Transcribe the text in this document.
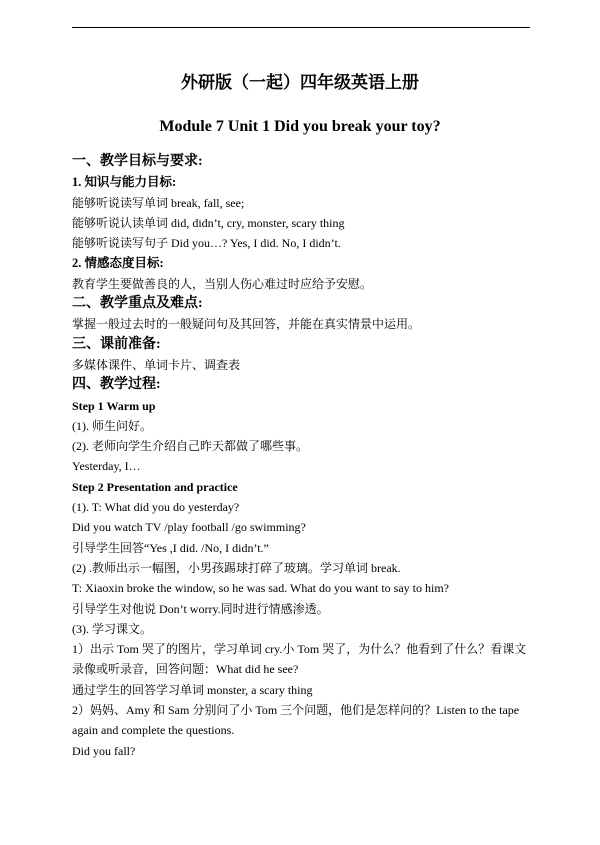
外研版（一起）四年级英语上册
Module 7 Unit 1 Did you break your toy?
一、教学目标与要求:
1. 知识与能力目标:
能够听说读写单词 break, fall, see;
能够听说认读单词 did, didn’t, cry, monster, scary thing
能够听说读写句子 Did you…? Yes, I did. No, I didn’t.
2. 情感态度目标:
教育学生要做善良的人，当别人伤心难过时应给予安慰。
二、教学重点及难点:
掌握一般过去时的一般疑问句及其回答，并能在真实情景中运用。
三、课前准备:
多媒体课件、单词卡片、调查表
四、教学过程:
Step 1 Warm up
(1). 师生问好。
(2). 老师向学生介绍自己昨天都做了哪些事。
Yesterday, I…
Step 2 Presentation and practice
(1). T: What did you do yesterday?
Did you watch TV /play football /go swimming?
引导学生回答“Yes ,I did. /No, I didn’t.”
(2) .教师出示一幅图，小男孩踢球打碎了玻璃。学习单词 break.
T: Xiaoxin broke the window, so he was sad. What do you want to say to him?
引导学生对他说 Don’t worry.同时进行情感渗透。
(3). 学习课文。
1）出示 Tom 哭了的图片，学习单词 cry.小 Tom 哭了，为什么？他看到了什么？看课文录像或听录音，回答问题：What did he see?
通过学生的回答学习单词 monster, a scary thing
2）妈妈、Amy 和 Sam 分别问了小 Tom 三个问题，他们是怎样问的？Listen to the tape again and complete the questions.
Did you fall?
